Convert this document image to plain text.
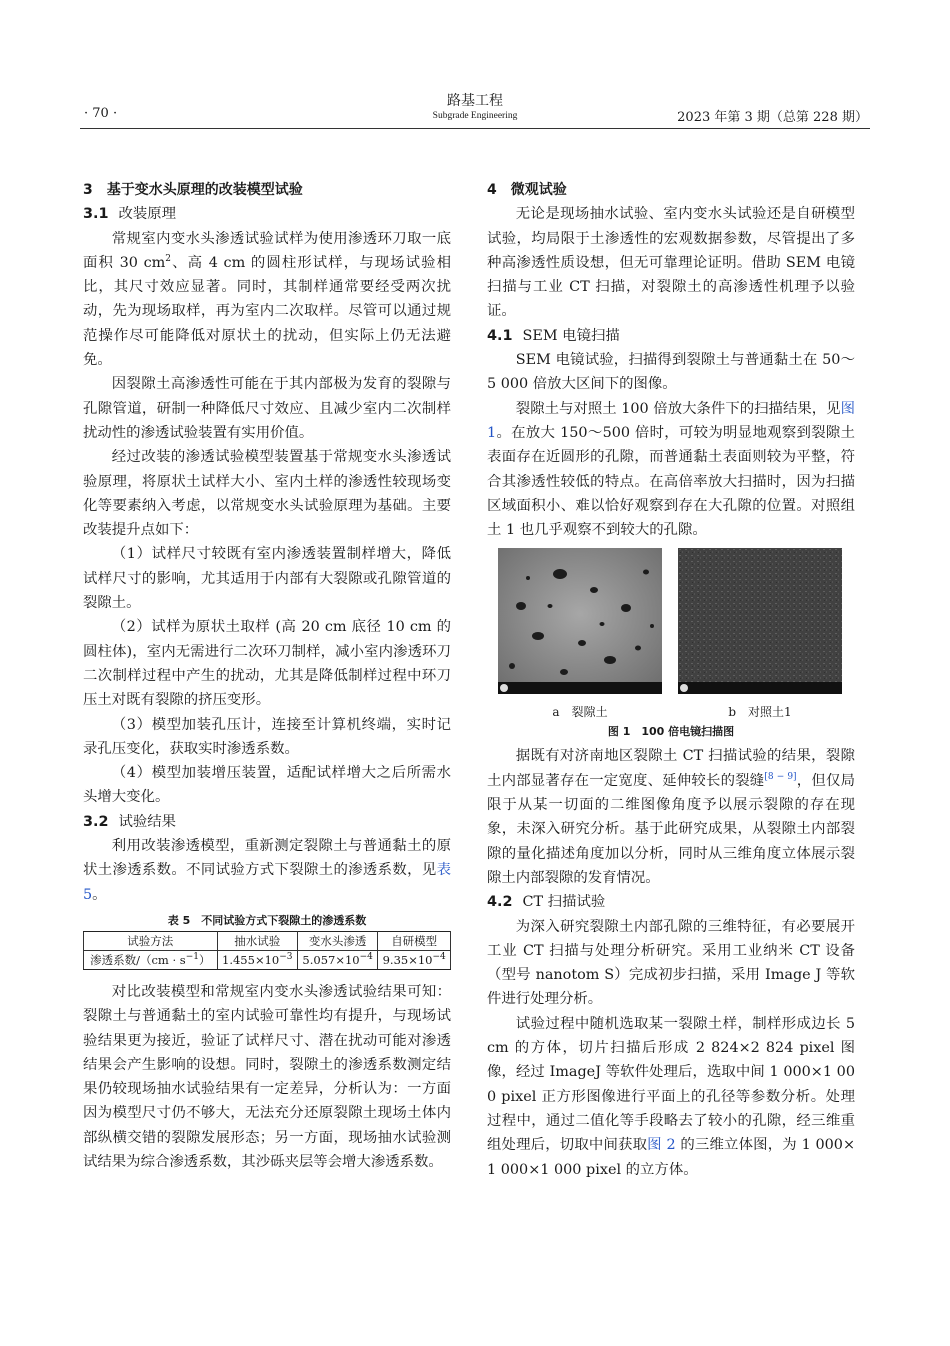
· 70 ·
路基工程
Subgrade Engineering	2023 年第 3 期（总第 228 期）

3　基于变水头原理的改装模型试验

3.1 改装原理

常规室内变水头渗透试验试样为使用渗透环刀取一底面积 30 $cm^2$、高 4 cm 的圆柱形试样，与现场试验相比，其尺寸效应显著。同时，其制样通常要经受两次扰动，先为现场取样，再为室内二次取样。尽管可以通过规范操作尽可能降低对原状土的扰动，但实际上仍无法避免。

因裂隙土高渗透性可能在于其内部极为发育的裂隙与孔隙管道，研制一种降低尺寸效应、且减少室内二次制样扰动性的渗透试验装置有实用价值。

经过改装的渗透试验模型装置基于常规变水头渗透试验原理，将原状土试样大小、室内土样的渗透性较现场变化等要素纳入考虑，以常规变水头试验原理为基础。主要改装提升点如下：

（1）试样尺寸较既有室内渗透装置制样增大，降低试样尺寸的影响，尤其适用于内部有大裂隙或孔隙管道的裂隙土。

（2）试样为原状土取样 (高 20 cm 底径 10 cm 的圆柱体)，室内无需进行二次环刀制样，减小室内渗透环刀二次制样过程中产生的扰动，尤其是降低制样过程中环刀压土对既有裂隙的挤压变形。

（3）模型加装孔压计，连接至计算机终端，实时记录孔压变化，获取实时渗透系数。

（4）模型加装增压装置，适配试样增大之后所需水头增大变化。

3.2 试验结果

利用改装渗透模型，重新测定裂隙土与普通黏土的原状土渗透系数。不同试验方式下裂隙土的渗透系数，见表 5。

表 5　不同试验方式下裂隙土的渗透系数
试验方法	抽水试验	变水头渗透	自研模型
渗透系数$/(cm \cdot s^{-1})$	$1.455\times 10^{-3}$	$5.057\times 10^{-4}$	$9.35\times 10^{-4}$

对比改装模型和常规室内变水头渗透试验结果可知：裂隙土与普通黏土的室内试验可靠性均有提升，与现场试验结果更为接近，验证了试样尺寸、潜在扰动可能对渗透结果会产生影响的设想。同时，裂隙土的渗透系数测定结果仍较现场抽水试验结果有一定差异，分析认为：一方面因为模型尺寸仍不够大，无法充分还原裂隙土现场土体内部纵横交错的裂隙发展形态；另一方面，现场抽水试验测试结果为综合渗透系数，其沙砾夹层等会增大渗透系数。

4　微观试验

无论是现场抽水试验、室内变水头试验还是自研模型试验，均局限于土渗透性的宏观数据参数，尽管提出了多种高渗透性质设想，但无可靠理论证明。借助 SEM 电镜扫描与工业 CT 扫描，对裂隙土的高渗透性机理予以验证。

4.1 SEM 电镜扫描

SEM 电镜试验，扫描得到裂隙土与普通黏土在 50～5 000 倍放大区间下的图像。

裂隙土与对照土 100 倍放大条件下的扫描结果，见图 1。在放大 150～500 倍时，可较为明显地观察到裂隙土表面存在近圆形的孔隙，而普通黏土表面则较为平整，符合其渗透性较低的特点。在高倍率放大扫描时，因为扫描区域面积小、难以恰好观察到存在大孔隙的位置。对照组土 1 也几乎观察不到较大的孔隙。

a　裂隙土	b　对照土1
图 1　100 倍电镜扫描图

据既有对济南地区裂隙土 CT 扫描试验的结果，裂隙土内部显著存在一定宽度、延伸较长的裂缝[8 − 9]，但仅局限于从某一切面的二维图像角度予以展示裂隙的存在现象，未深入研究分析。基于此研究成果，从裂隙土内部裂隙的量化描述角度加以分析，同时从三维角度立体展示裂隙土内部裂隙的发育情况。

4.2 CT 扫描试验

为深入研究裂隙土内部孔隙的三维特征，有必要展开工业 CT 扫描与处理分析研究。采用工业纳米 CT 设备（型号 nanotom S）完成初步扫描，采用 Image J 等软件进行处理分析。

试验过程中随机选取某一裂隙土样，制样形成边长 5 cm 的方体，切片扫描后形成 2 824×2 824 pixel 图像，经过 ImageJ 等软件处理后，选取中间 1 000×1 000 pixel 正方形图像进行平面上的孔径等参数分析。处理过程中，通过二值化等手段略去了较小的孔隙，经三维重组处理后，切取中间获取图 2 的三维立体图，为 1 000×1 000×1 000 pixel 的立方体。
